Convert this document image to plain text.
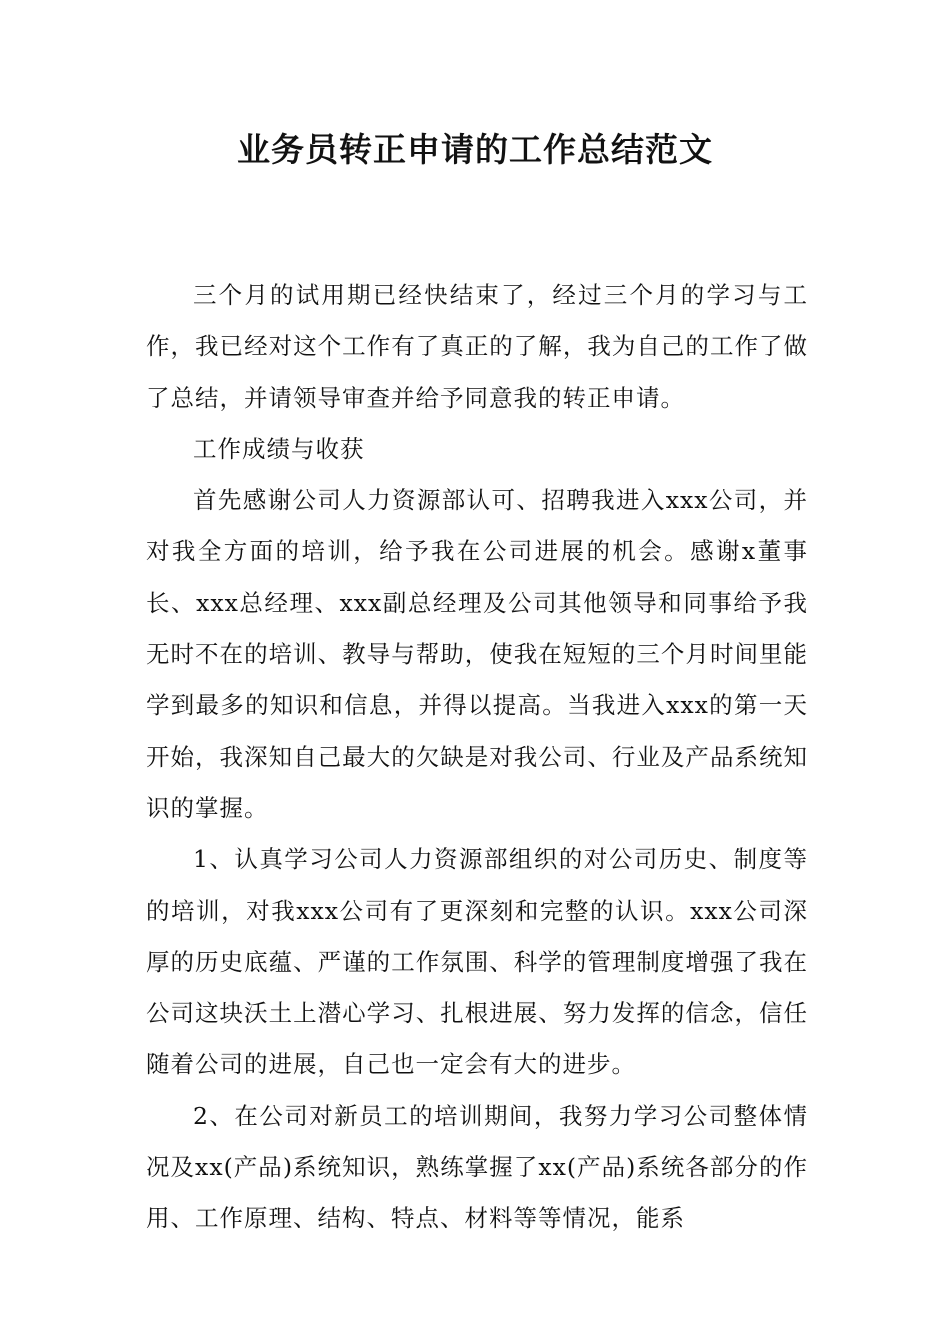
业务员转正申请的工作总结范文

三个月的试用期已经快结束了，经过三个月的学习与工作，我已经对这个工作有了真正的了解，我为自己的工作了做了总结，并请领导审查并给予同意我的转正申请。

工作成绩与收获

首先感谢公司人力资源部认可、招聘我进入xxx公司，并对我全方面的培训，给予我在公司进展的机会。感谢x董事长、xxx总经理、xxx副总经理及公司其他领导和同事给予我无时不在的培训、教导与帮助，使我在短短的三个月时间里能学到最多的知识和信息，并得以提高。当我进入xxx的第一天开始，我深知自己最大的欠缺是对我公司、行业及产品系统知识的掌握。

1、认真学习公司人力资源部组织的对公司历史、制度等的培训，对我xxx公司有了更深刻和完整的认识。xxx公司深厚的历史底蕴、严谨的工作氛围、科学的管理制度增强了我在公司这块沃土上潜心学习、扎根进展、努力发挥的信念，信任随着公司的进展，自己也一定会有大的进步。

2、在公司对新员工的培训期间，我努力学习公司整体情况及xx(产品)系统知识，熟练掌握了xx(产品)系统各部分的作用、工作原理、结构、特点、材料等等情况，能系
